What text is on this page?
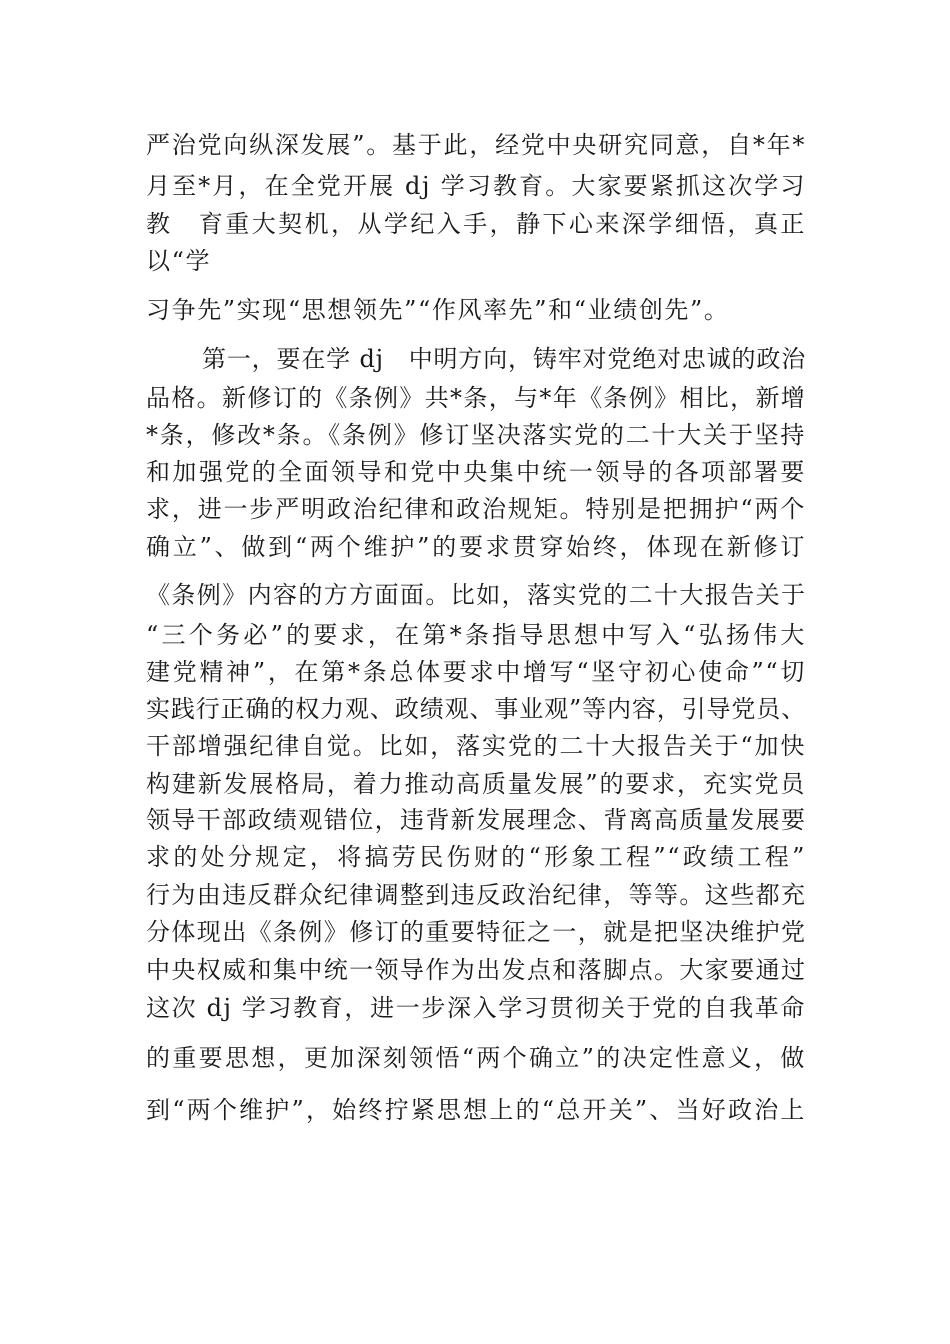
严治党向纵深发展”。基于此，经党中央研究同意，自*年*
月至*月，在全党开展 dj 学习教育。大家要紧抓这次学习
教　育重大契机，从学纪入手，静下心来深学细悟，真正
以“学
习争先”实现“思想领先”“作风率先”和“业绩创先”。
第一，要在学 dj　中明方向，铸牢对党绝对忠诚的政治
品格。新修订的《条例》共*条，与*年《条例》相比，新增
*条，修改*条。《条例》修订坚决落实党的二十大关于坚持
和加强党的全面领导和党中央集中统一领导的各项部署要
求，进一步严明政治纪律和政治规矩。特别是把拥护“两个
确立”、做到“两个维护”的要求贯穿始终，体现在新修订
《条例》内容的方方面面。比如，落实党的二十大报告关于
“三个务必”的要求，在第*条指导思想中写入“弘扬伟大
建党精神”，在第*条总体要求中增写“坚守初心使命”“切
实践行正确的权力观、政绩观、事业观”等内容，引导党员、
干部增强纪律自觉。比如，落实党的二十大报告关于“加快
构建新发展格局，着力推动高质量发展”的要求，充实党员
领导干部政绩观错位，违背新发展理念、背离高质量发展要
求的处分规定，将搞劳民伤财的“形象工程”“政绩工程”
行为由违反群众纪律调整到违反政治纪律，等等。这些都充
分体现出《条例》修订的重要特征之一，就是把坚决维护党
中央权威和集中统一领导作为出发点和落脚点。大家要通过
这次 dj 学习教育，进一步深入学习贯彻关于党的自我革命
的重要思想，更加深刻领悟“两个确立”的决定性意义，做
到“两个维护”，始终拧紧思想上的“总开关”、当好政治上
